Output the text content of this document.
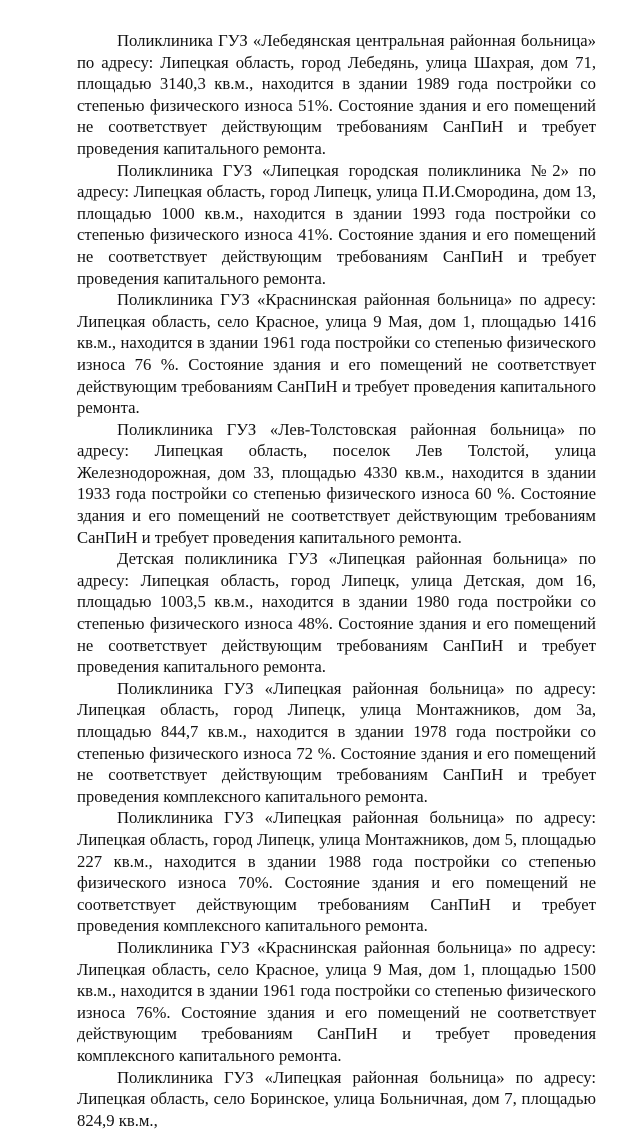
Поликлиника ГУЗ «Лебедянская центральная районная больница» по адресу: Липецкая область, город Лебедянь, улица Шахрая, дом 71, площадью 3140,3 кв.м., находится в здании 1989 года постройки со степенью физического износа 51%. Состояние здания и его помещений не соответствует действующим требованиям СанПиН и требует проведения капитального ремонта.

Поликлиника ГУЗ «Липецкая городская поликлиника №2» по адресу: Липецкая область, город Липецк, улица П.И.Смородина, дом 13, площадью 1000 кв.м., находится в здании 1993 года постройки со степенью физического износа 41%. Состояние здания и его помещений не соответствует действующим требованиям СанПиН и требует проведения капитального ремонта.

Поликлиника ГУЗ «Краснинская районная больница» по адресу: Липецкая область, село Красное, улица 9 Мая, дом 1, площадью 1416 кв.м., находится в здании 1961 года постройки со степенью физического износа 76 %. Состояние здания и его помещений не соответствует действующим требованиям СанПиН и требует проведения капитального ремонта.

Поликлиника ГУЗ «Лев-Толстовская районная больница» по адресу: Липецкая область, поселок Лев Толстой, улица Железнодорожная, дом 33, площадью 4330 кв.м., находится в здании 1933 года постройки со степенью физического износа 60 %. Состояние здания и его помещений не соответствует действующим требованиям СанПиН и требует проведения капитального ремонта.

Детская поликлиника ГУЗ «Липецкая районная больница» по адресу: Липецкая область, город Липецк, улица Детская, дом 16, площадью 1003,5 кв.м., находится в здании 1980 года постройки со степенью физического износа 48%. Состояние здания и его помещений не соответствует действующим требованиям СанПиН и требует проведения капитального ремонта.

Поликлиника ГУЗ «Липецкая районная больница» по адресу: Липецкая область, город Липецк, улица Монтажников, дом 3а, площадью 844,7 кв.м., находится в здании 1978 года постройки со степенью физического износа 72 %. Состояние здания и его помещений не соответствует действующим требованиям СанПиН и требует проведения комплексного капитального ремонта.

Поликлиника ГУЗ «Липецкая районная больница» по адресу: Липецкая область, город Липецк, улица Монтажников, дом 5, площадью 227 кв.м., находится в здании 1988 года постройки со степенью физического износа 70%. Состояние здания и его помещений не соответствует действующим требованиям СанПиН и требует проведения комплексного капитального ремонта.

Поликлиника ГУЗ «Краснинская районная больница» по адресу: Липецкая область, село Красное, улица 9 Мая, дом 1, площадью 1500 кв.м., находится в здании 1961 года постройки со степенью физического износа 76%. Состояние здания и его помещений не соответствует действующим требованиям СанПиН и требует проведения комплексного капитального ремонта.

Поликлиника ГУЗ «Липецкая районная больница» по адресу: Липецкая область, село Боринское, улица Больничная, дом 7, площадью 824,9 кв.м.,
